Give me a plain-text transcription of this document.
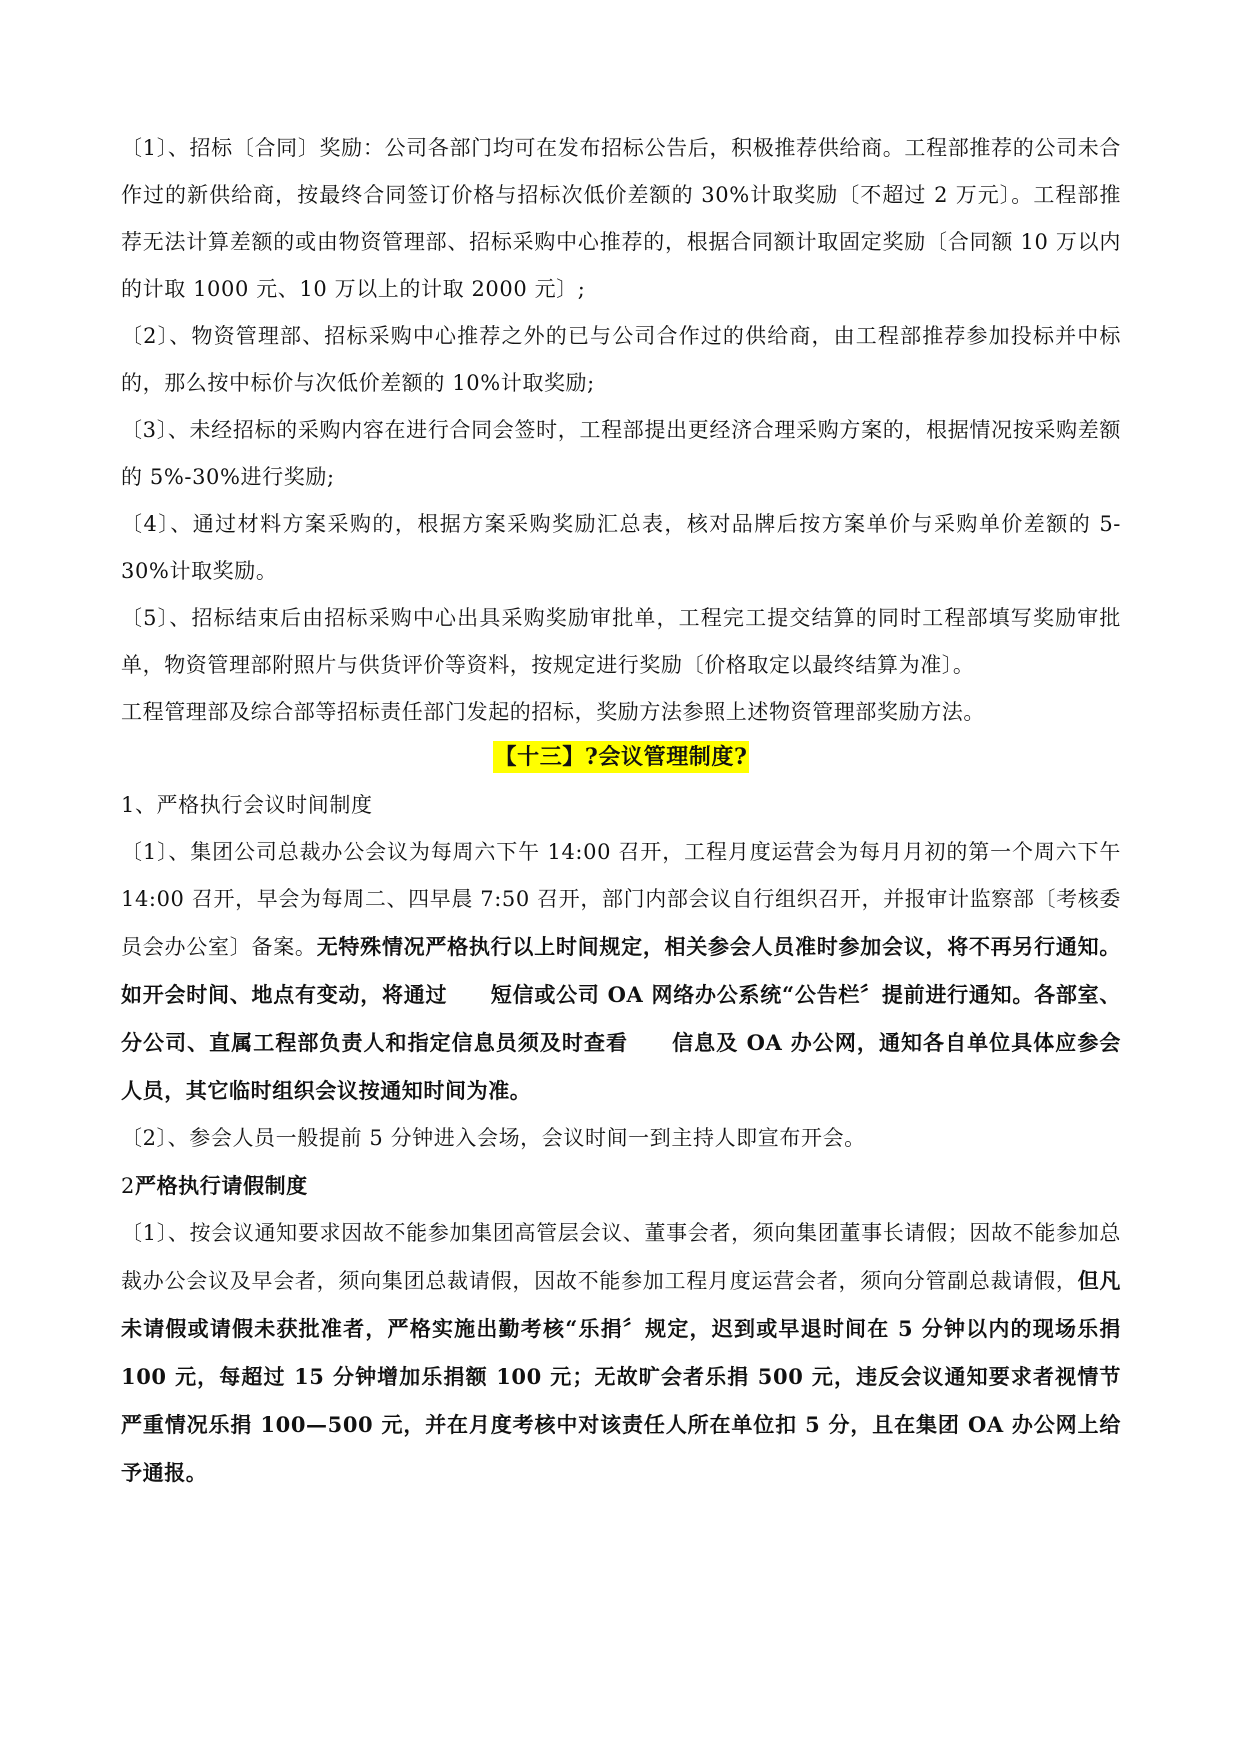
〔1〕、招标〔合同〕奖励：公司各部门均可在发布招标公告后，积极推荐供给商。工程部推荐的公司未合作过的新供给商，按最终合同签订价格与招标次低价差额的 30%计取奖励〔不超过 2 万元〕。工程部推荐无法计算差额的或由物资管理部、招标采购中心推荐的，根据合同额计取固定奖励〔合同额 10 万以内的计取 1000 元、10 万以上的计取 2000 元〕;

〔2〕、物资管理部、招标采购中心推荐之外的已与公司合作过的供给商，由工程部推荐参加投标并中标的，那么按中标价与次低价差额的 10%计取奖励;

〔3〕、未经招标的采购内容在进行合同会签时，工程部提出更经济合理采购方案的，根据情况按采购差额的 5%-30%进行奖励;

〔4〕、通过材料方案采购的，根据方案采购奖励汇总表，核对品牌后按方案单价与采购单价差额的 5-30%计取奖励。

〔5〕、招标结束后由招标采购中心出具采购奖励审批单，工程完工提交结算的同时工程部填写奖励审批单，物资管理部附照片与供货评价等资料，按规定进行奖励〔价格取定以最终结算为准〕。

工程管理部及综合部等招标责任部门发起的招标，奖励方法参照上述物资管理部奖励方法。

【十三】?会议管理制度?

1、严格执行会议时间制度

〔1〕、集团公司总裁办公会议为每周六下午 14:00 召开，工程月度运营会为每月月初的第一个周六下午 14:00 召开，早会为每周二、四早晨 7:50 召开，部门内部会议自行组织召开，并报审计监察部〔考核委员会办公室〕备案。无特殊情况严格执行以上时间规定，相关参会人员准时参加会议，将不再另行通知。如开会时间、地点有变动，将通过　　短信或公司 OA 网络办公系统“公告栏〞提前进行通知。各部室、分公司、直属工程部负责人和指定信息员须及时查看　　信息及 OA 办公网，通知各自单位具体应参会人员，其它临时组织会议按通知时间为准。

〔2〕、参会人员一般提前 5 分钟进入会场，会议时间一到主持人即宣布开会。

2严格执行请假制度

〔1〕、按会议通知要求因故不能参加集团高管层会议、董事会者，须向集团董事长请假；因故不能参加总裁办公会议及早会者，须向集团总裁请假，因故不能参加工程月度运营会者，须向分管副总裁请假，但凡未请假或请假未获批准者，严格实施出勤考核“乐捐〞规定，迟到或早退时间在 5 分钟以内的现场乐捐 100 元，每超过 15 分钟增加乐捐额 100 元；无故旷会者乐捐 500 元，违反会议通知要求者视情节严重情况乐捐 100—500 元，并在月度考核中对该责任人所在单位扣 5 分，且在集团 OA 办公网上给予通报。
